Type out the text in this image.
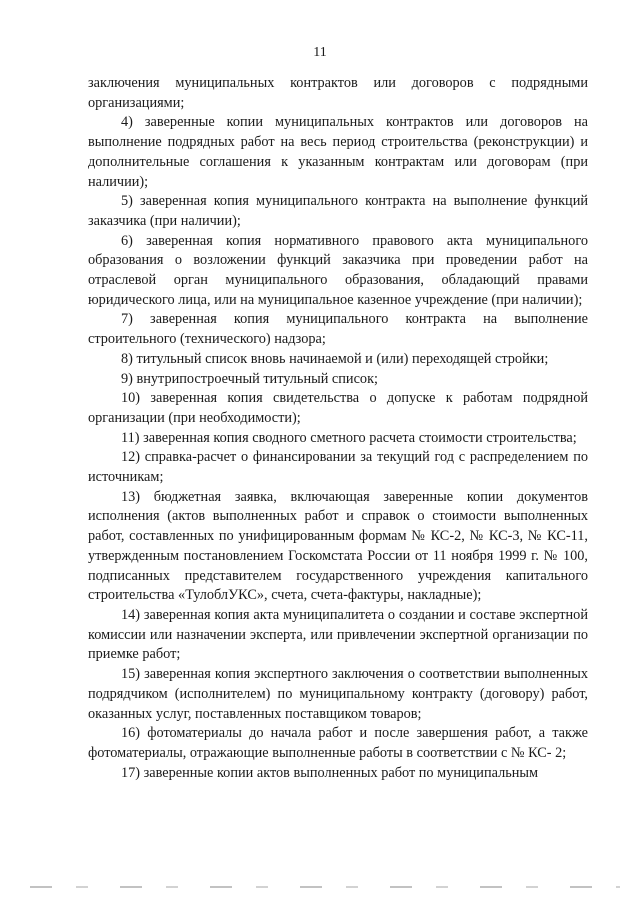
11

заключения муниципальных контрактов или договоров с подрядными организациями;

4) заверенные копии муниципальных контрактов или договоров на выполнение подрядных работ на весь период строительства (реконструкции) и дополнительные соглашения к указанным контрактам или договорам (при наличии);

5) заверенная копия муниципального контракта на выполнение функций заказчика (при наличии);

6) заверенная копия нормативного правового акта муниципального образования о возложении функций заказчика при проведении работ на отраслевой орган муниципального образования, обладающий правами юридического лица, или на муниципальное казенное учреждение (при наличии);

7) заверенная копия муниципального контракта на выполнение строительного (технического) надзора;

8) титульный список вновь начинаемой и (или) переходящей стройки;

9) внутрипостроечный титульный список;

10) заверенная копия свидетельства о допуске к работам подрядной организации (при необходимости);

11) заверенная копия сводного сметного расчета стоимости строительства;

12) справка-расчет о финансировании за текущий год с распределением по источникам;

13) бюджетная заявка, включающая заверенные копии документов исполнения (актов выполненных работ и справок о стоимости выполненных работ, составленных по унифицированным формам № КС-2, № КС-3, № КС-11, утвержденным постановлением Госкомстата России от 11 ноября 1999 г. № 100, подписанных представителем государственного учреждения капитального строительства «ТулоблУКС», счета, счета-фактуры, накладные);

14) заверенная копия акта муниципалитета о создании и составе экспертной комиссии или назначении эксперта, или привлечении экспертной организации по приемке работ;

15) заверенная копия экспертного заключения о соответствии выполненных подрядчиком (исполнителем) по муниципальному контракту (договору) работ, оказанных услуг, поставленных поставщиком товаров;

16) фотоматериалы до начала работ и после завершения работ, а также фотоматериалы, отражающие выполненные работы в соответствии с № КС- 2;

17) заверенные копии актов выполненных работ по муниципальным
